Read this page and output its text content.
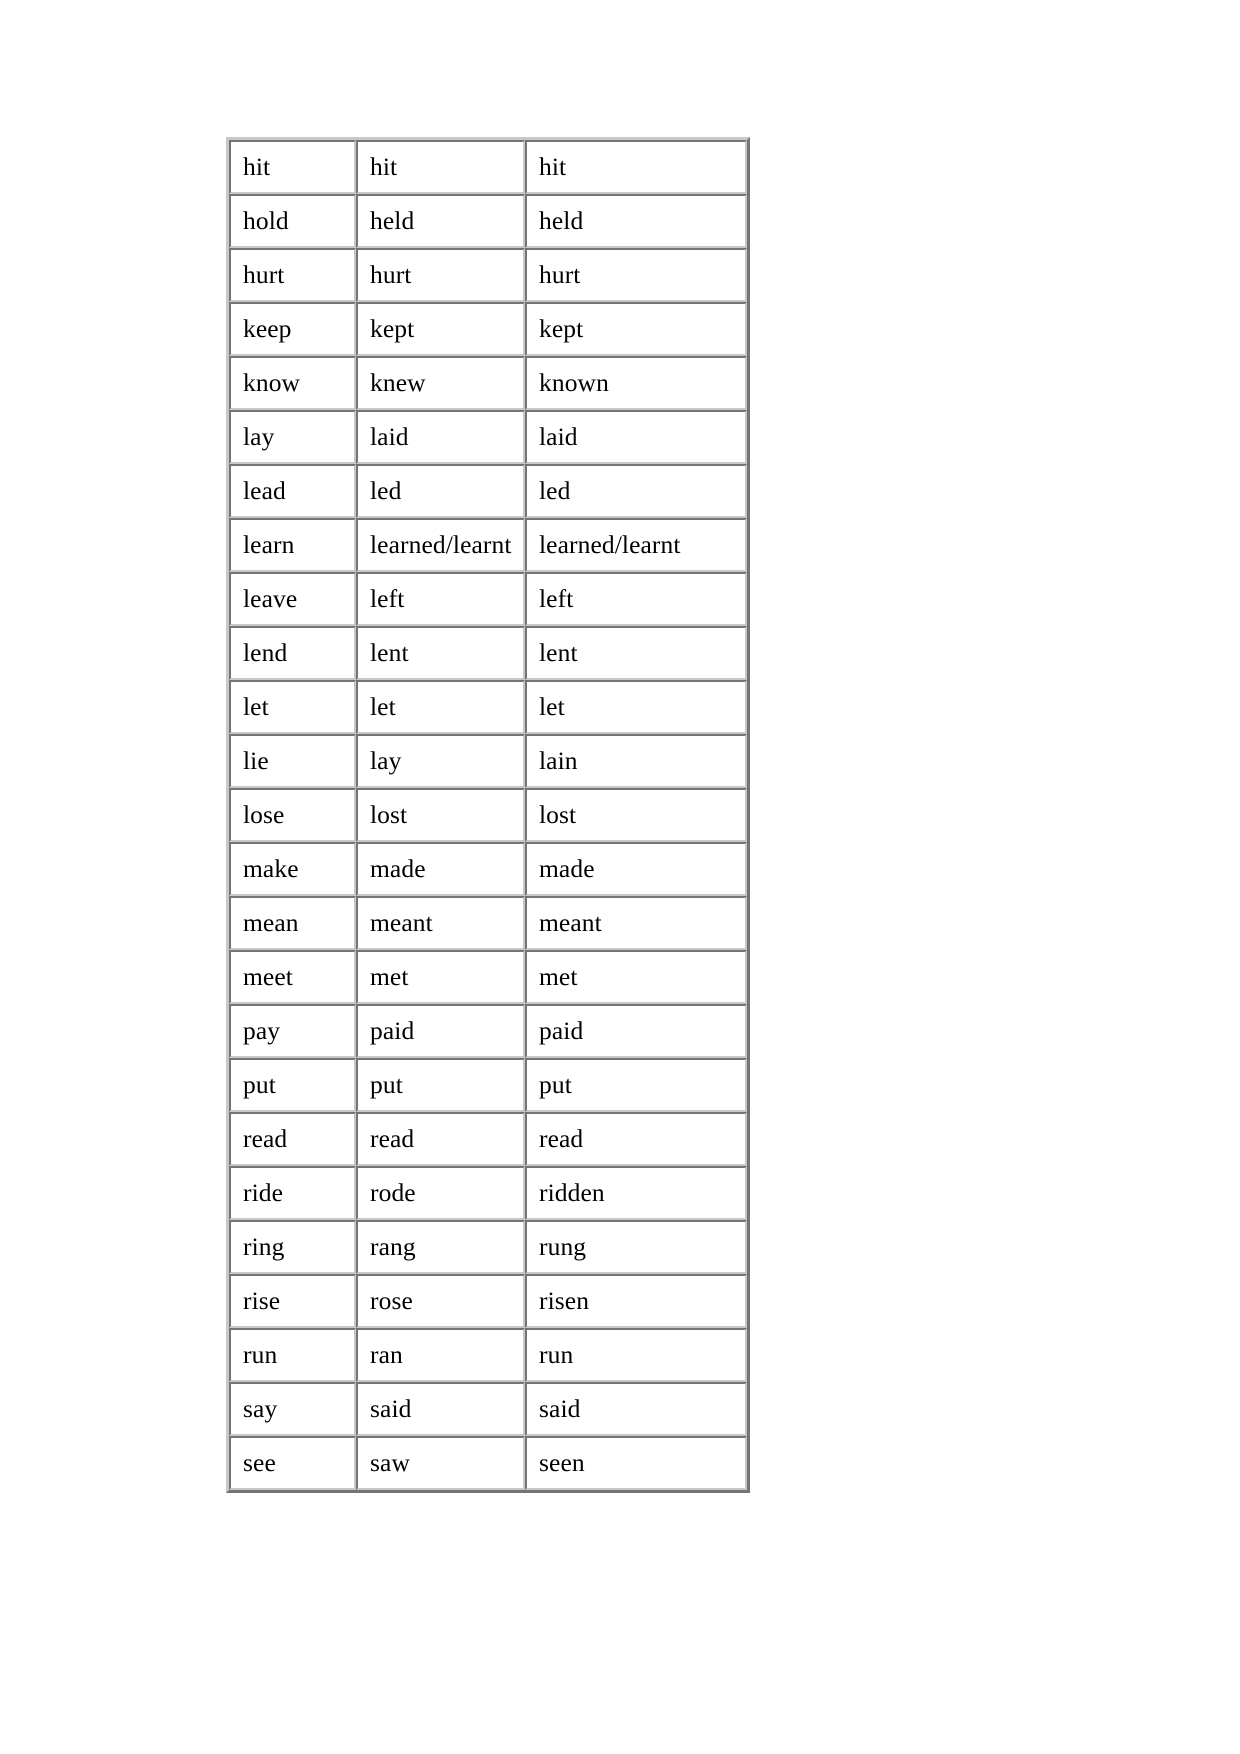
hit	hit	hit
hold	held	held
hurt	hurt	hurt
keep	kept	kept
know	knew	known
lay	laid	laid
lead	led	led
learn	learned/learnt	learned/learnt
leave	left	left
lend	lent	lent
let	let	let
lie	lay	lain
lose	lost	lost
make	made	made
mean	meant	meant
meet	met	met
pay	paid	paid
put	put	put
read	read	read
ride	rode	ridden
ring	rang	rung
rise	rose	risen
run	ran	run
say	said	said
see	saw	seen
